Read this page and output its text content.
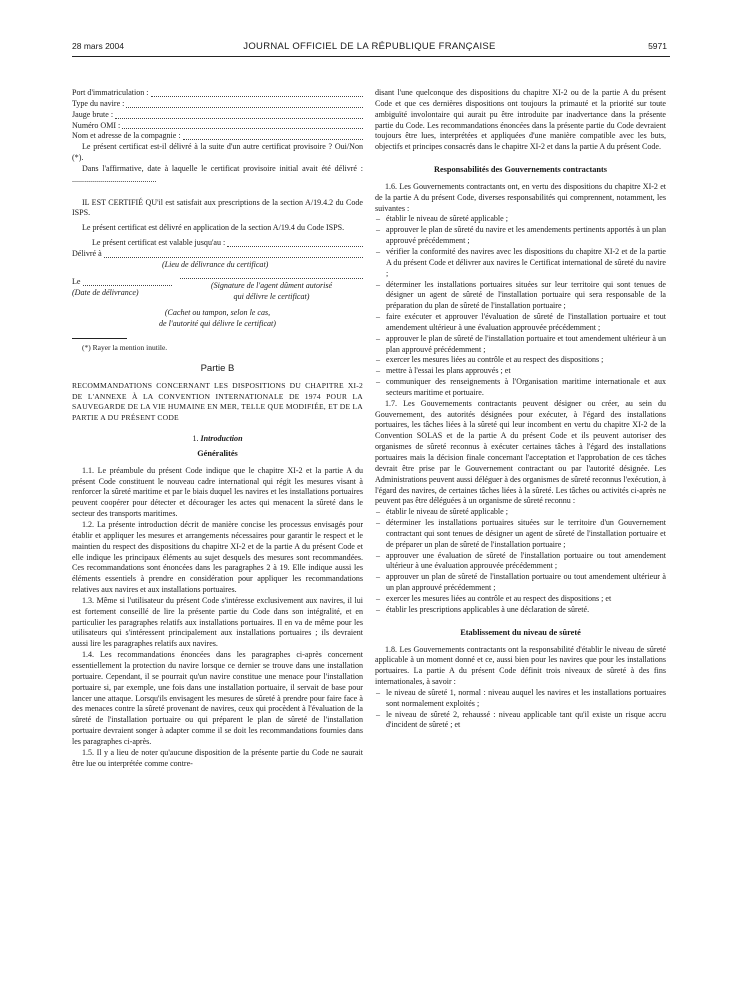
28 mars 2004	JOURNAL OFFICIEL DE LA RÉPUBLIQUE FRANÇAISE	5971
Port d'immatriculation :
Type du navire :
Jauge brute :
Numéro OMI :
Nom et adresse de la compagnie :

Le présent certificat est-il délivré à la suite d'un autre certificat provisoire ? Oui/Non (*).

Dans l'affirmative, date à laquelle le certificat provisoire initial avait été délivré : ..........................................

IL EST CERTIFIÉ QU'il est satisfait aux prescriptions de la section A/19.4.2 du Code ISPS.

Le présent certificat est délivré en application de la section A/19.4 du Code ISPS.

Le présent certificat est valable jusqu'au :
Délivré à
(Lieu de délivrance du certificat)
Le
(Date de délivrance)
(Signature de l'agent dûment autorisé
qui délivre le certificat)
(Cachet ou tampon, selon le cas,
de l'autorité qui délivre le certificat)

(*) Rayer la mention inutile.

Partie B

RECOMMANDATIONS CONCERNANT LES DISPOSITIONS DU CHAPITRE XI-2 DE L'ANNEXE À LA CONVENTION INTERNATIONALE DE 1974 POUR LA SAUVEGARDE DE LA VIE HUMAINE EN MER, TELLE QUE MODIFIÉE, ET DE LA PARTIE A DU PRÉSENT CODE

1. Introduction
Généralités

1.1. Le préambule du présent Code indique que le chapitre XI-2 et la partie A du présent Code constituent le nouveau cadre international qui régit les mesures visant à renforcer la sûreté maritime et par le biais duquel les navires et les installations portuaires peuvent coopérer pour détecter et décourager les actes qui menacent la sûreté dans le secteur des transports maritimes.

1.2. La présente introduction décrit de manière concise les processus envisagés pour établir et appliquer les mesures et arrangements nécessaires pour garantir le respect et le maintien du respect des dispositions du chapitre XI-2 et de la partie A du présent Code et elle indique les principaux éléments au sujet desquels des mesures sont recommandées. Ces recommandations sont énoncées dans les paragraphes 2 à 19. Elle indique aussi les éléments essentiels à prendre en considération pour appliquer les recommandations relatives aux navires et aux installations portuaires.

1.3. Même si l'utilisateur du présent Code s'intéresse exclusivement aux navires, il lui est fortement conseillé de lire la présente partie du Code dans son intégralité, et en particulier les paragraphes relatifs aux installations portuaires. Il en va de même pour les utilisateurs qui s'intéressent principalement aux installations portuaires ; ils devraient aussi lire les paragraphes relatifs aux navires.

1.4. Les recommandations énoncées dans les paragraphes ci-après concernent essentiellement la protection du navire lorsque ce dernier se trouve dans une installation portuaire. Cependant, il se pourrait qu'un navire constitue une menace pour l'installation portuaire si, par exemple, une fois dans une installation portuaire, il servait de base pour lancer une attaque. Lorsqu'ils envisagent les mesures de sûreté à prendre pour faire face à des menaces contre la sûreté provenant de navires, ceux qui procèdent à l'évaluation de la sûreté de l'installation portuaire ou qui préparent le plan de sûreté de l'installation portuaire devraient songer à adapter comme il se doit les recommandations fournies dans les paragraphes ci-après.

1.5. Il y a lieu de noter qu'aucune disposition de la présente partie du Code ne saurait être lue ou interprétée comme contre-

disant l'une quelconque des dispositions du chapitre XI-2 ou de la partie A du présent Code et que ces dernières dispositions ont toujours la primauté et la priorité sur toute ambiguïté involontaire qui aurait pu être introduite par inadvertance dans la présente partie du Code. Les recommandations énoncées dans la présente partie du Code devraient toujours être lues, interprétées et appliquées d'une manière compatible avec les buts, objectifs et principes consacrés dans le chapitre XI-2 et dans la partie A du présent Code.

Responsabilités des Gouvernements contractants

1.6. Les Gouvernements contractants ont, en vertu des dispositions du chapitre XI-2 et de la partie A du présent Code, diverses responsabilités qui comprennent, notamment, les suivantes :

– établir le niveau de sûreté applicable ;

– approuver le plan de sûreté du navire et les amendements pertinents apportés à un plan approuvé précédemment ;

– vérifier la conformité des navires avec les dispositions du chapitre XI-2 et de la partie A du présent Code et délivrer aux navires le Certificat international de sûreté du navire ;

– déterminer les installations portuaires situées sur leur territoire qui sont tenues de désigner un agent de sûreté de l'installation portuaire qui sera responsable de la préparation du plan de sûreté de l'installation portuaire ;

– faire exécuter et approuver l'évaluation de sûreté de l'installation portuaire et tout amendement ultérieur à une évaluation approuvée précédemment ;

– approuver le plan de sûreté de l'installation portuaire et tout amendement ultérieur à un plan approuvé précédemment ;

– exercer les mesures liées au contrôle et au respect des dispositions ;

– mettre à l'essai les plans approuvés ; et

– communiquer des renseignements à l'Organisation maritime internationale et aux secteurs maritime et portuaire.

1.7. Les Gouvernements contractants peuvent désigner ou créer, au sein du Gouvernement, des autorités désignées pour exécuter, à l'égard des installations portuaires, les tâches liées à la sûreté qui leur incombent en vertu du chapitre XI-2 de la Convention SOLAS et de la partie A du présent Code et ils peuvent autoriser des organismes de sûreté reconnus à exécuter certaines tâches à l'égard des installations portuaires mais la décision finale concernant l'acceptation et l'approbation de ces tâches devrait être prise par le Gouvernement contractant ou par l'autorité désignée. Les Administrations peuvent aussi déléguer à des organismes de sûreté reconnus l'exécution, à l'égard des navires, de certaines tâches liées à la sûreté. Les tâches ou activités ci-après ne peuvent pas être déléguées à un organisme de sûreté reconnu :

– établir le niveau de sûreté applicable ;

– déterminer les installations portuaires situées sur le territoire d'un Gouvernement contractant qui sont tenues de désigner un agent de sûreté de l'installation portuaire et de préparer un plan de sûreté de l'installation portuaire ;

– approuver une évaluation de sûreté de l'installation portuaire ou tout amendement ultérieur à une évaluation approuvée précédemment ;

– approuver un plan de sûreté de l'installation portuaire ou tout amendement ultérieur à un plan approuvé précédemment ;

– exercer les mesures liées au contrôle et au respect des dispositions ; et

– établir les prescriptions applicables à une déclaration de sûreté.

Etablissement du niveau de sûreté

1.8. Les Gouvernements contractants ont la responsabilité d'établir le niveau de sûreté applicable à un moment donné et ce, aussi bien pour les navires que pour les installations portuaires. La partie A du présent Code définit trois niveaux de sûreté à des fins internationales, à savoir :

– le niveau de sûreté 1, normal : niveau auquel les navires et les installations portuaires sont normalement exploités ;

– le niveau de sûreté 2, rehaussé : niveau applicable tant qu'il existe un risque accru d'incident de sûreté ; et
